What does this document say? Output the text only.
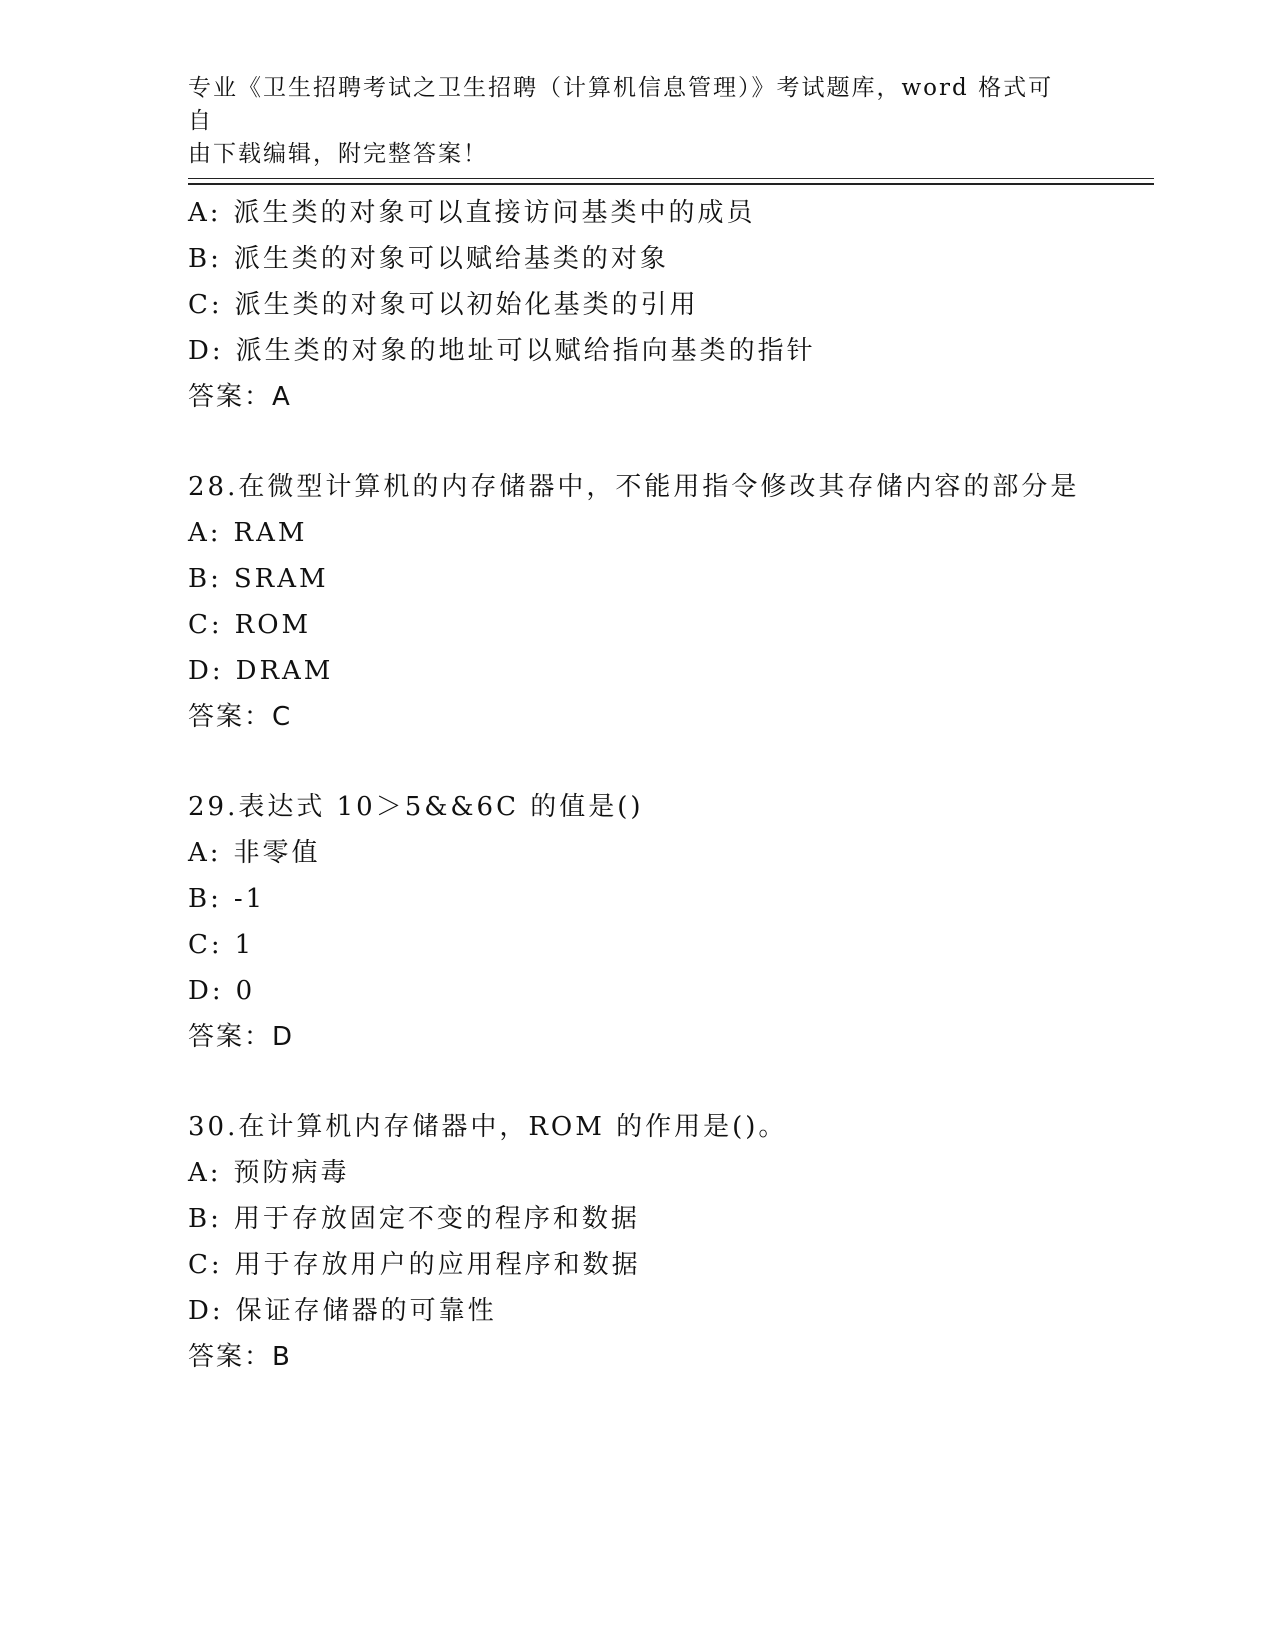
专业《卫生招聘考试之卫生招聘（计算机信息管理）》考试题库，word 格式可自
由下载编辑，附完整答案！
A: 派生类的对象可以直接访问基类中的成员
B: 派生类的对象可以赋给基类的对象
C: 派生类的对象可以初始化基类的引用
D: 派生类的对象的地址可以赋给指向基类的指针
答案：A
28.在微型计算机的内存储器中，不能用指令修改其存储内容的部分是
A: RAM
B: SRAM
C: ROM
D: DRAM
答案：C
29.表达式 10＞5&&6C 的值是()
A: 非零值
B: -1
C: 1
D: 0
答案：D
30.在计算机内存储器中，ROM 的作用是()。
A: 预防病毒
B: 用于存放固定不变的程序和数据
C: 用于存放用户的应用程序和数据
D: 保证存储器的可靠性
答案：B
